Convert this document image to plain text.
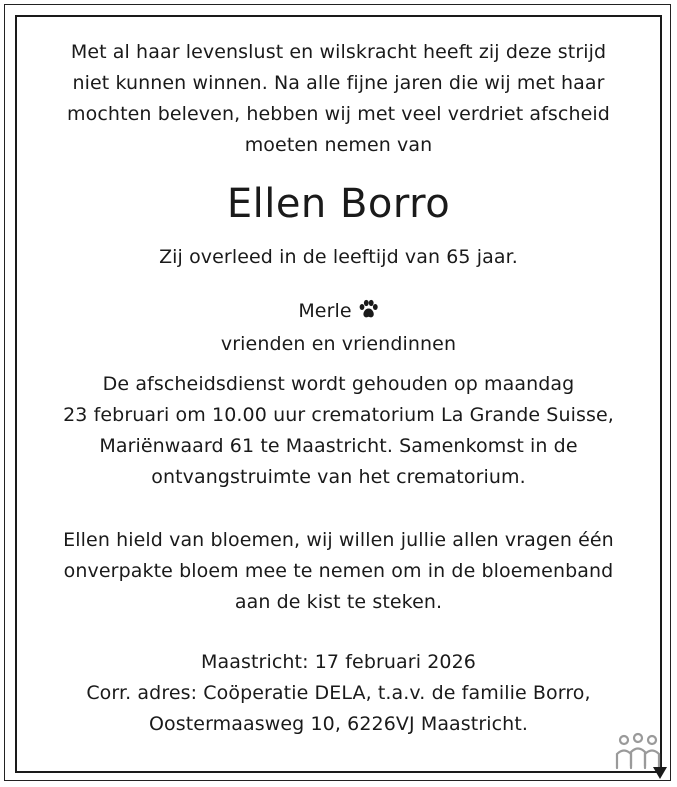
Met al haar levenslust en wilskracht heeft zij deze strijd
niet kunnen winnen. Na alle fijne jaren die wij met haar
mochten beleven, hebben wij met veel verdriet afscheid
moeten nemen van
Ellen Borro
Zij overleed in de leeftijd van 65 jaar.
Merle
vrienden en vriendinnen
De afscheidsdienst wordt gehouden op maandag
23 februari om 10.00 uur crematorium La Grande Suisse,
Mariënwaard 61 te Maastricht. Samenkomst in de
ontvangstruimte van het crematorium.
Ellen hield van bloemen, wij willen jullie allen vragen één
onverpakte bloem mee te nemen om in de bloemenband
aan de kist te steken.
Maastricht: 17 februari 2026
Corr. adres: Coöperatie DELA, t.a.v. de familie Borro,
Oostermaasweg 10, 6226VJ Maastricht.
